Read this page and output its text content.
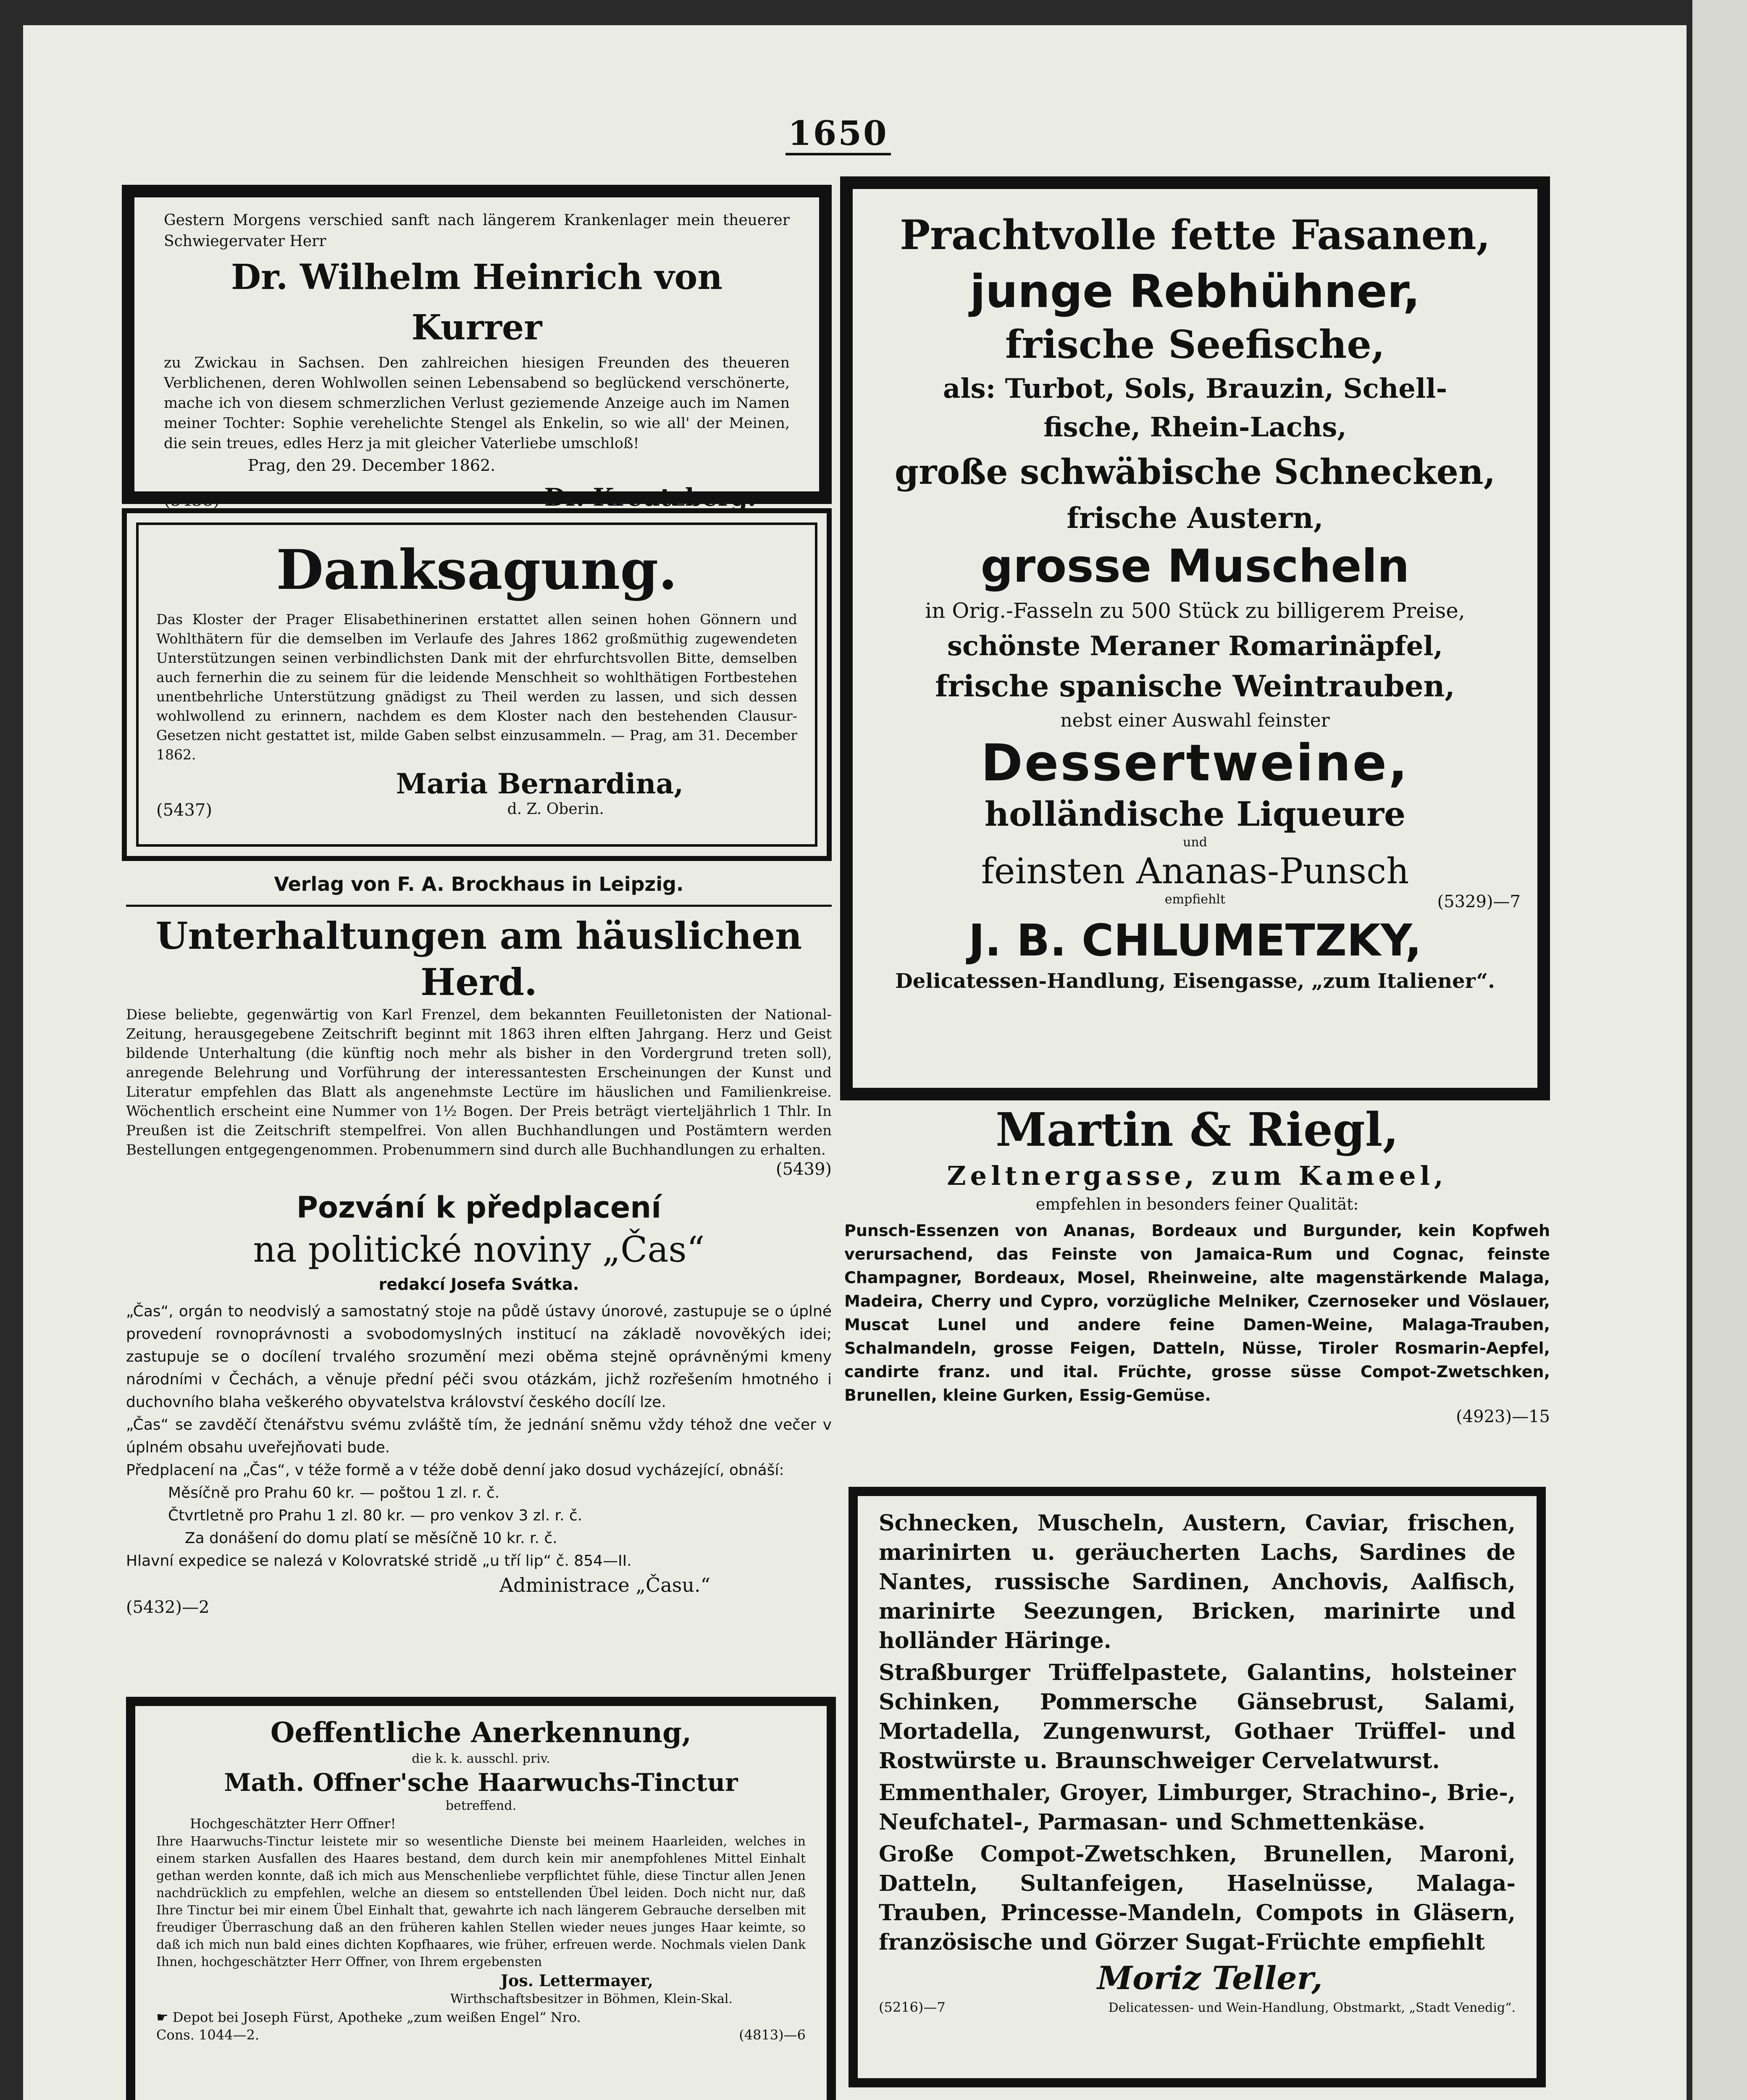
1650

Gestern Morgens verschied sanft nach längerem Krankenlager mein theuerer Schwiegervater Herr

Dr. Wilhelm Heinrich von Kurrer

zu Zwickau in Sachsen. Den zahlreichen hiesigen Freunden des theueren Verblichenen, deren Wohlwollen seinen Lebensabend so beglückend verschönerte, mache ich von diesem schmerzlichen Verlust geziemende Anzeige auch im Namen meiner Tochter: Sophie verehelichte Stengel als Enkelin, so wie all' der Meinen, die sein treues, edles Herz ja mit gleicher Vaterliebe umschloß!

Prag, den 29. December 1862.

(5438)	Dr. Kreutzberg.

Danksagung.

Das Kloster der Prager Elisabethinerinen erstattet allen seinen hohen Gönnern und Wohlthätern für die demselben im Verlaufe des Jahres 1862 großmüthig zugewendeten Unterstützungen seinen verbindlichsten Dank mit der ehrfurchtsvollen Bitte, demselben auch fernerhin die zu seinem für die leidende Menschheit so wohlthätigen Fortbestehen unentbehrliche Unterstützung gnädigst zu Theil werden zu lassen, und sich dessen wohlwollend zu erinnern, nachdem es dem Kloster nach den bestehenden Clausur-Gesetzen nicht gestattet ist, milde Gaben selbst einzusammeln. — Prag, am 31. December 1862.

Maria Bernardina,

(5437)	d. Z. Oberin.

Verlag von F. A. Brockhaus in Leipzig.

Unterhaltungen am häuslichen Herd.

Diese beliebte, gegenwärtig von Karl Frenzel, dem bekannten Feuilletonisten der National-Zeitung, herausgegebene Zeitschrift beginnt mit 1863 ihren elften Jahrgang. Herz und Geist bildende Unterhaltung (die künftig noch mehr als bisher in den Vordergrund treten soll), anregende Belehrung und Vorführung der interessantesten Erscheinungen der Kunst und Literatur empfehlen das Blatt als angenehmste Lectüre im häuslichen und Familienkreise. Wöchentlich erscheint eine Nummer von 1½ Bogen. Der Preis beträgt vierteljährlich 1 Thlr. In Preußen ist die Zeitschrift stempelfrei. Von allen Buchhandlungen und Postämtern werden Bestellungen entgegengenommen. Probenummern sind durch alle Buchhandlungen zu erhalten.

(5439)

Pozvání k předplacení

na politické noviny „Čas“

redakcí Josefa Svátka.

„Čas“, orgán to neodvislý a samostatný stoje na půdě ústavy únorové, zastupuje se o úplné provedení rovnoprávnosti a svobodomyslných institucí na základě novověkých idei; zastupuje se o docílení trvalého srozumění mezi oběma stejně oprávněnými kmeny národními v Čechách, a věnuje přední péči svou otázkám, jichž rozřešením hmotného i duchovního blaha veškerého obyvatelstva království českého docílí lze.

„Čas“ se zavděčí čtenářstvu svému zvláště tím, že jednání sněmu vždy téhož dne večer v úplném obsahu uveřejňovati bude.

Předplacení na „Čas“, v téže formě a v téže době denní jako dosud vycházející, obnáší:

Měsíčně pro Prahu 60 kr. — poštou 1 zl. r. č.

Čtvrtletně pro Prahu 1 zl. 80 kr. — pro venkov 3 zl. r. č.

Za donášení do domu platí se měsíčně 10 kr. r. č.

Hlavní expedice se nalezá v Kolovratské stridě „u tří lip“ č. 854—II.

Administrace „Času.“

(5432)—2

Oeffentliche Anerkennung,

die k. k. ausschl. priv.

Math. Offner'sche Haarwuchs-Tinctur

betreffend.

Hochgeschätzter Herr Offner!

Ihre Haarwuchs-Tinctur leistete mir so wesentliche Dienste bei meinem Haarleiden, welches in einem starken Ausfallen des Haares bestand, dem durch kein mir anempfohlenes Mittel Einhalt gethan werden konnte, daß ich mich aus Menschenliebe verpflichtet fühle, diese Tinctur allen Jenen nachdrücklich zu empfehlen, welche an diesem so entstellenden Übel leiden. Doch nicht nur, daß Ihre Tinctur bei mir einem Übel Einhalt that, gewahrte ich nach längerem Gebrauche derselben mit freudiger Überraschung daß an den früheren kahlen Stellen wieder neues junges Haar keimte, so daß ich mich nun bald eines dichten Kopfhaares, wie früher, erfreuen werde. Nochmals vielen Dank Ihnen, hochgeschätzter Herr Offner, von Ihrem ergebensten

Jos. Lettermayer,

Wirthschaftsbesitzer in Böhmen, Klein-Skal.

☛ Depot bei Joseph Fürst, Apotheke „zum weißen Engel“ Nro.

Cons. 1044—2.	(4813)—6

Prachtvolle fette Fasanen,

junge Rebhühner,

frische Seefische,

als: Turbot, Sols, Brauzin, Schell-

fische, Rhein-Lachs,

große schwäbische Schnecken,

frische Austern,

grosse Muscheln

in Orig.-Fasseln zu 500 Stück zu billigerem Preise,

schönste Meraner Romarinäpfel,

frische spanische Weintrauben,

nebst einer Auswahl feinster

Dessertweine,

holländische Liqueure

und

feinsten Ananas-Punsch

empfiehlt	(5329)—7

J. B. CHLUMETZKY,

Delicatessen-Handlung, Eisengasse, „zum Italiener“.

Martin & Riegl,

Zeltnergasse, zum Kameel,

empfehlen in besonders feiner Qualität:

Punsch-Essenzen von Ananas, Bordeaux und Burgunder, kein Kopfweh verursachend, das Feinste von Jamaica-Rum und Cognac, feinste Champagner, Bordeaux, Mosel, Rheinweine, alte magenstärkende Malaga, Madeira, Cherry und Cypro, vorzügliche Melniker, Czernoseker und Vöslauer, Muscat Lunel und andere feine Damen-Weine, Malaga-Trauben, Schalmandeln, grosse Feigen, Datteln, Nüsse, Tiroler Rosmarin-Aepfel, candirte franz. und ital. Früchte, grosse süsse Compot-Zwetschken, Brunellen, kleine Gurken, Essig-Gemüse.

(4923)—15

Schnecken, Muscheln, Austern, Caviar, frischen, marinirten u. geräucherten Lachs, Sardines de Nantes, russische Sardinen, Anchovis, Aalfisch, marinirte Seezungen, Bricken, marinirte und holländer Häringe.

Straßburger Trüffelpastete, Galantins, holsteiner Schinken, Pommersche Gänsebrust, Salami, Mortadella, Zungenwurst, Gothaer Trüffel- und Rostwürste u. Braunschweiger Cervelatwurst.

Emmenthaler, Groyer, Limburger, Strachino-, Brie-, Neufchatel-, Parmasan- und Schmettenkäse.

Große Compot-Zwetschken, Brunellen, Maroni, Datteln, Sultanfeigen, Haselnüsse, Malaga-Trauben, Princesse-Mandeln, Compots in Gläsern, französische und Görzer Sugat-Früchte empfiehlt

Moriz Teller,

(5216)—7	Delicatessen- und Wein-Handlung, Obstmarkt, „Stadt Venedig“.
